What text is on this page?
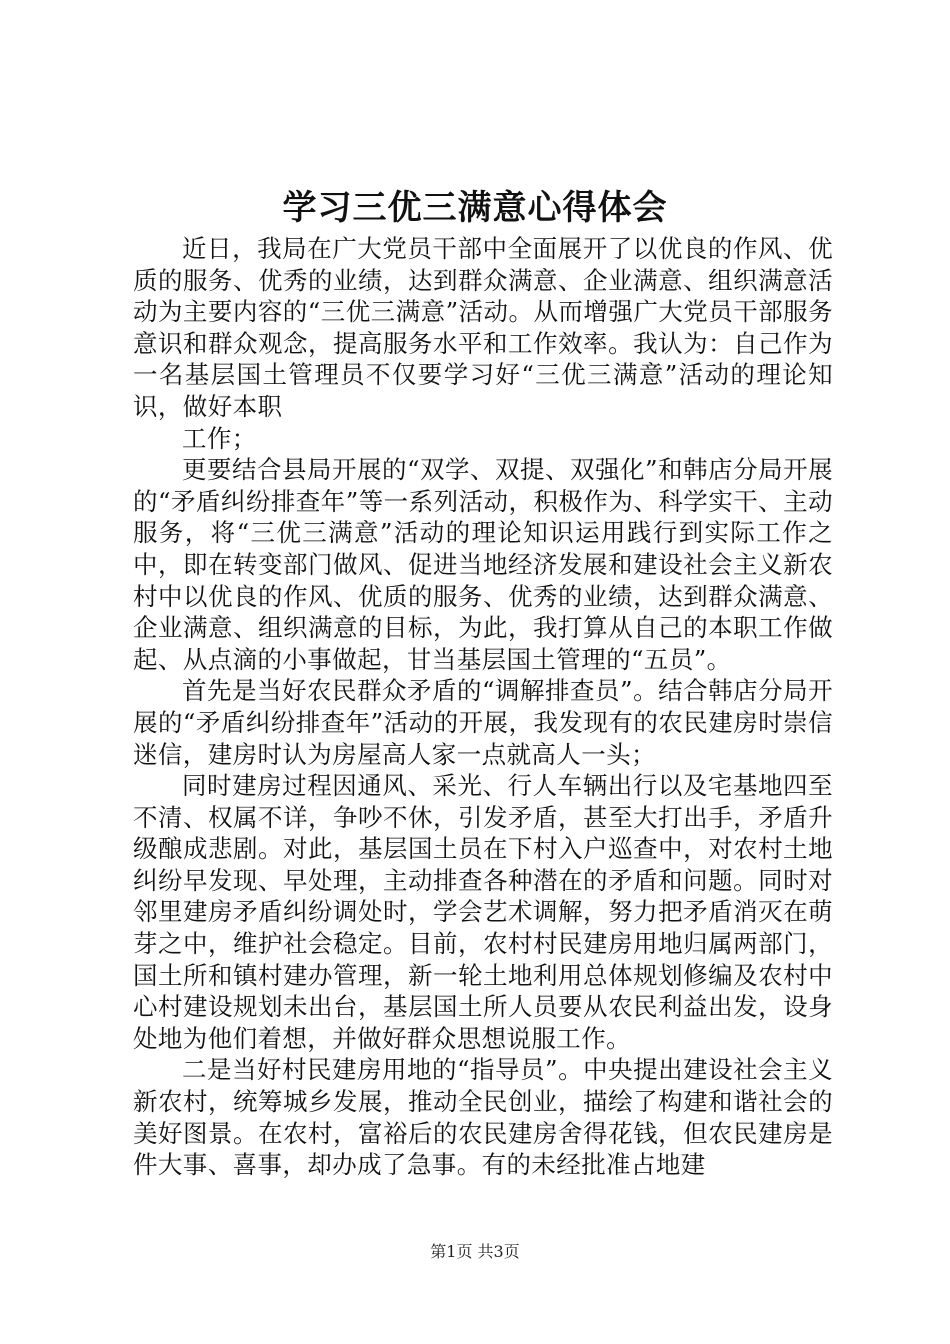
学习三优三满意心得体会

近日，我局在广大党员干部中全面展开了以优良的作风、优质的服务、优秀的业绩，达到群众满意、企业满意、组织满意活动为主要内容的“三优三满意”活动。从而增强广大党员干部服务意识和群众观念，提高服务水平和工作效率。我认为：自己作为一名基层国土管理员不仅要学习好“三优三满意”活动的理论知识，做好本职

工作；

更要结合县局开展的“双学、双提、双强化”和韩店分局开展的“矛盾纠纷排查年”等一系列活动，积极作为、科学实干、主动服务，将“三优三满意”活动的理论知识运用践行到实际工作之中，即在转变部门做风、促进当地经济发展和建设社会主义新农村中以优良的作风、优质的服务、优秀的业绩，达到群众满意、企业满意、组织满意的目标，为此，我打算从自己的本职工作做起、从点滴的小事做起，甘当基层国土管理的“五员”。

首先是当好农民群众矛盾的“调解排查员”。结合韩店分局开展的“矛盾纠纷排查年”活动的开展，我发现有的农民建房时崇信迷信，建房时认为房屋高人家一点就高人一头；

同时建房过程因通风、采光、行人车辆出行以及宅基地四至不清、权属不详，争吵不休，引发矛盾，甚至大打出手，矛盾升级酿成悲剧。对此，基层国土员在下村入户巡查中，对农村土地纠纷早发现、早处理，主动排查各种潜在的矛盾和问题。同时对邻里建房矛盾纠纷调处时，学会艺术调解，努力把矛盾消灭在萌芽之中，维护社会稳定。目前，农村村民建房用地归属两部门，国土所和镇村建办管理，新一轮土地利用总体规划修编及农村中心村建设规划未出台，基层国土所人员要从农民利益出发，设身处地为他们着想，并做好群众思想说服工作。

二是当好村民建房用地的“指导员”。中央提出建设社会主义新农村，统筹城乡发展，推动全民创业，描绘了构建和谐社会的美好图景。在农村，富裕后的农民建房舍得花钱，但农民建房是件大事、喜事，却办成了急事。有的未经批准占地建

第1页 共3页
